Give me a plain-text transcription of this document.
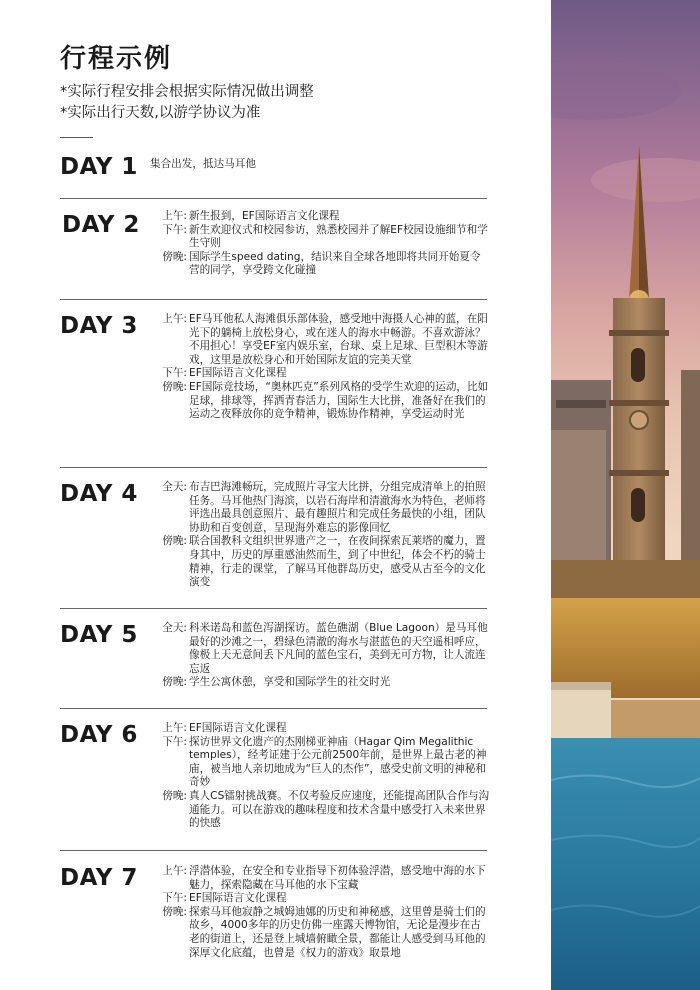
行程示例

*实际行程安排会根据实际情况做出调整

*实际出行天数,以游学协议为准

DAY 1 集合出发，抵达马耳他
DAY 2	上午: 新生报到，EF国际语言文化课程
下午: 新生欢迎仪式和校园参访，熟悉校园并了解EF校园设施细节和学生守则
傍晚: 国际学生speed dating，结识来自全球各地即将共同开始夏令营的同学，享受跨文化碰撞
DAY 3	上午: EF马耳他私人海滩俱乐部体验，感受地中海摄人心神的蓝，在阳光下的躺椅上放松身心，或在迷人的海水中畅游。不喜欢游泳？不用担心！享受EF室内娱乐室，台球、桌上足球、巨型积木等游戏，这里是放松身心和开始国际友谊的完美天堂
下午: EF国际语言文化课程
傍晚: EF国际竞技场，“奥林匹克”系列风格的受学生欢迎的运动，比如足球，排球等，挥洒青春活力，国际生大比拼，准备好在我们的运动之夜释放你的竞争精神，锻炼协作精神，享受运动时光
DAY 4	全天: 布吉巴海滩畅玩，完成照片寻宝大比拼，分组完成清单上的拍照任务。马耳他热门海滨，以岩石海岸和清澈海水为特色，老师将评选出最具创意照片、最有趣照片和完成任务最快的小组，团队协助和百变创意，呈现海外难忘的影像回忆
傍晚: 联合国教科文组织世界遗产之一，在夜间探索瓦莱塔的魔力，置身其中，历史的厚重感油然而生，到了中世纪，体会不朽的骑士精神，行走的课堂，了解马耳他群岛历史，感受从古至今的文化演变
DAY 5	全天: 科米诺岛和蓝色泻湖探访。蓝色礁湖（Blue Lagoon）是马耳他最好的沙滩之一，碧绿色清澈的海水与湛蓝色的天空遥相呼应，像极上天无意间丢下凡间的蓝色宝石，美到无可方物，让人流连忘返
傍晚: 学生公寓休憩，享受和国际学生的社交时光
DAY 6	上午: EF国际语言文化课程
下午: 探访世界文化遗产的杰刚梯亚神庙（Hagar Qim Megalithic temples），经考证建于公元前2500年前，是世界上最古老的神庙，被当地人亲切地成为“巨人的杰作”，感受史前文明的神秘和奇妙
傍晚: 真人CS镭射挑战赛。不仅考验反应速度，还能提高团队合作与沟通能力。可以在游戏的趣味程度和技术含量中感受打入未来世界的快感
DAY 7	上午: 浮潜体验，在安全和专业指导下初体验浮潜，感受地中海的水下魅力，探索隐藏在马耳他的水下宝藏
下午: EF国际语言文化课程
傍晚: 探索马耳他寂静之城姆迪娜的历史和神秘感，这里曾是骑士们的故乡，4000多年的历史仿佛一座露天博物馆，无论是漫步在古老的街道上，还是登上城墙俯瞰全景，都能让人感受到马耳他的深厚文化底蕴，也曾是《权力的游戏》取景地
